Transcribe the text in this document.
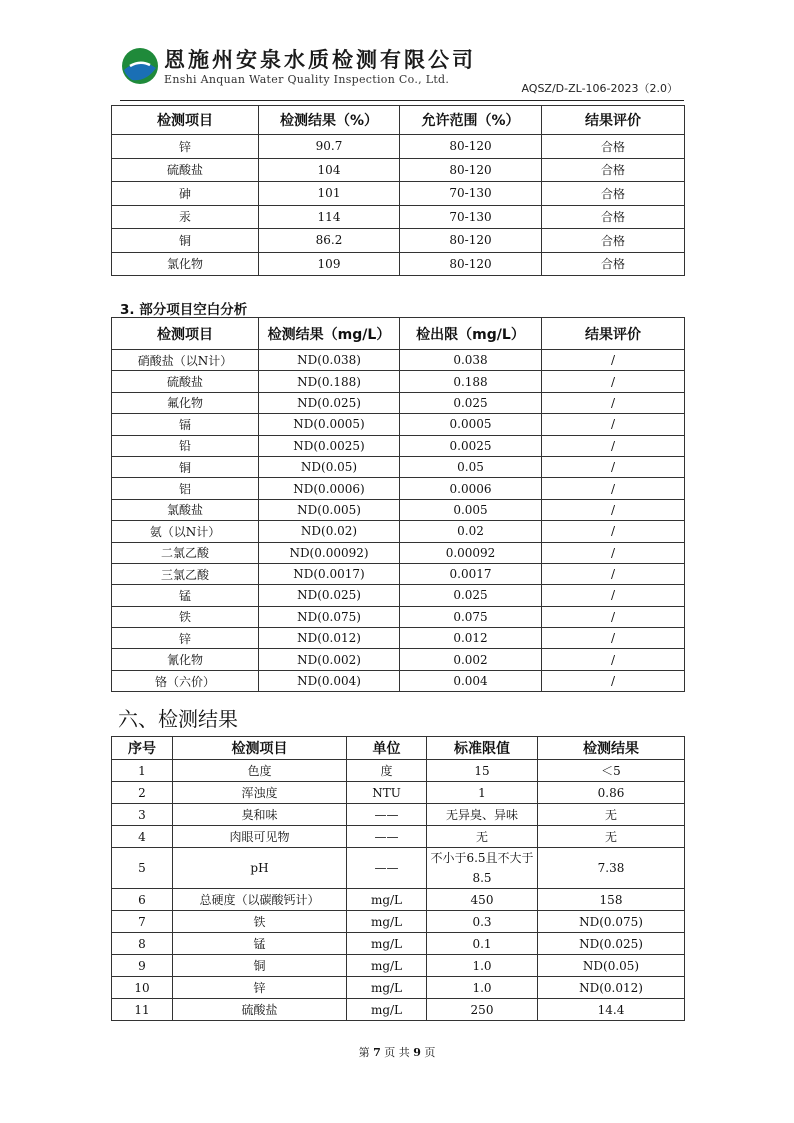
恩施州安泉水质检测有限公司
Enshi Anquan Water Quality Inspection Co., Ltd.
AQSZ/D-ZL-106-2023（2.0）
检测项目	检测结果（%）	允许范围（%）	结果评价
锌	90.7	80-120	合格
硫酸盐	104	80-120	合格
砷	101	70-130	合格
汞	114	70-130	合格
铜	86.2	80-120	合格
氯化物	109	80-120	合格
3. 部分项目空白分析
检测项目	检测结果（mg/L）	检出限（mg/L）	结果评价
硝酸盐（以N计）	ND(0.038)	0.038	/
硫酸盐	ND(0.188)	0.188	/
氟化物	ND(0.025)	0.025	/
镉	ND(0.0005)	0.0005	/
铅	ND(0.0025)	0.0025	/
铜	ND(0.05)	0.05	/
铝	ND(0.0006)	0.0006	/
氯酸盐	ND(0.005)	0.005	/
氨（以N计）	ND(0.02)	0.02	/
二氯乙酸	ND(0.00092)	0.00092	/
三氯乙酸	ND(0.0017)	0.0017	/
锰	ND(0.025)	0.025	/
铁	ND(0.075)	0.075	/
锌	ND(0.012)	0.012	/
氰化物	ND(0.002)	0.002	/
铬（六价）	ND(0.004)	0.004	/
六、检测结果
序号	检测项目	单位	标准限值	检测结果
1	色度	度	15	＜5
2	浑浊度	NTU	1	0.86
3	臭和味	——	无异臭、异味	无
4	肉眼可见物	——	无	无
5	pH	——	不小于6.5且不大于8.5	7.38
6	总硬度（以碳酸钙计）	mg/L	450	158
7	铁	mg/L	0.3	ND(0.075)
8	锰	mg/L	0.1	ND(0.025)
9	铜	mg/L	1.0	ND(0.05)
10	锌	mg/L	1.0	ND(0.012)
11	硫酸盐	mg/L	250	14.4
第 7 页 共 9 页
